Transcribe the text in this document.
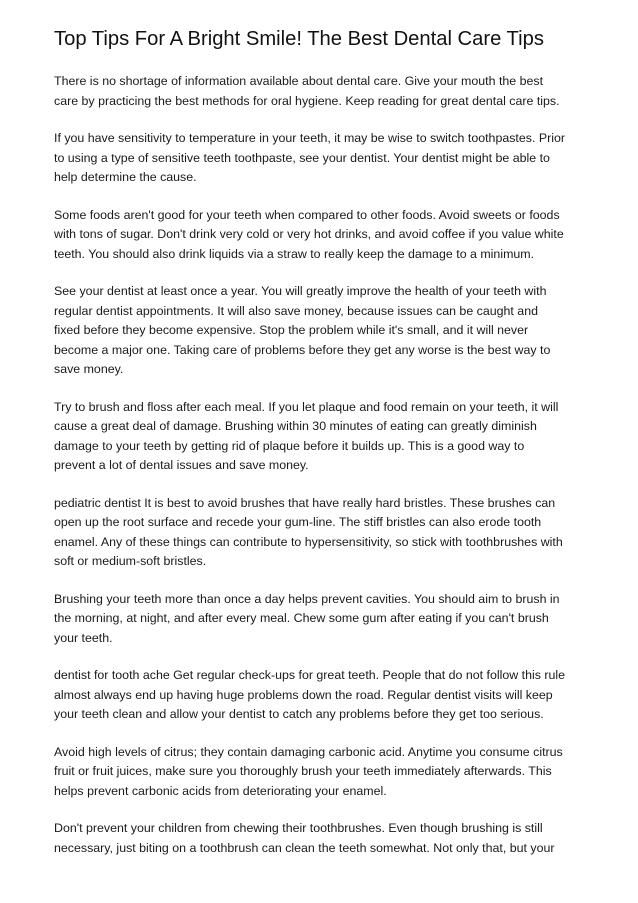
Top Tips For A Bright Smile! The Best Dental Care Tips

There is no shortage of information available about dental care. Give your mouth the best
care by practicing the best methods for oral hygiene. Keep reading for great dental care tips.

If you have sensitivity to temperature in your teeth, it may be wise to switch toothpastes. Prior
to using a type of sensitive teeth toothpaste, see your dentist. Your dentist might be able to
help determine the cause.

Some foods aren't good for your teeth when compared to other foods. Avoid sweets or foods
with tons of sugar. Don't drink very cold or very hot drinks, and avoid coffee if you value white
teeth. You should also drink liquids via a straw to really keep the damage to a minimum.

See your dentist at least once a year. You will greatly improve the health of your teeth with
regular dentist appointments. It will also save money, because issues can be caught and
fixed before they become expensive. Stop the problem while it's small, and it will never
become a major one. Taking care of problems before they get any worse is the best way to
save money.

Try to brush and floss after each meal. If you let plaque and food remain on your teeth, it will
cause a great deal of damage. Brushing within 30 minutes of eating can greatly diminish
damage to your teeth by getting rid of plaque before it builds up. This is a good way to
prevent a lot of dental issues and save money.

pediatric dentist It is best to avoid brushes that have really hard bristles. These brushes can
open up the root surface and recede your gum-line. The stiff bristles can also erode tooth
enamel. Any of these things can contribute to hypersensitivity, so stick with toothbrushes with
soft or medium-soft bristles.

Brushing your teeth more than once a day helps prevent cavities. You should aim to brush in
the morning, at night, and after every meal. Chew some gum after eating if you can't brush
your teeth.

dentist for tooth ache Get regular check-ups for great teeth. People that do not follow this rule
almost always end up having huge problems down the road. Regular dentist visits will keep
your teeth clean and allow your dentist to catch any problems before they get too serious.

Avoid high levels of citrus; they contain damaging carbonic acid. Anytime you consume citrus
fruit or fruit juices, make sure you thoroughly brush your teeth immediately afterwards. This
helps prevent carbonic acids from deteriorating your enamel.

Don't prevent your children from chewing their toothbrushes. Even though brushing is still
necessary, just biting on a toothbrush can clean the teeth somewhat. Not only that, but your
